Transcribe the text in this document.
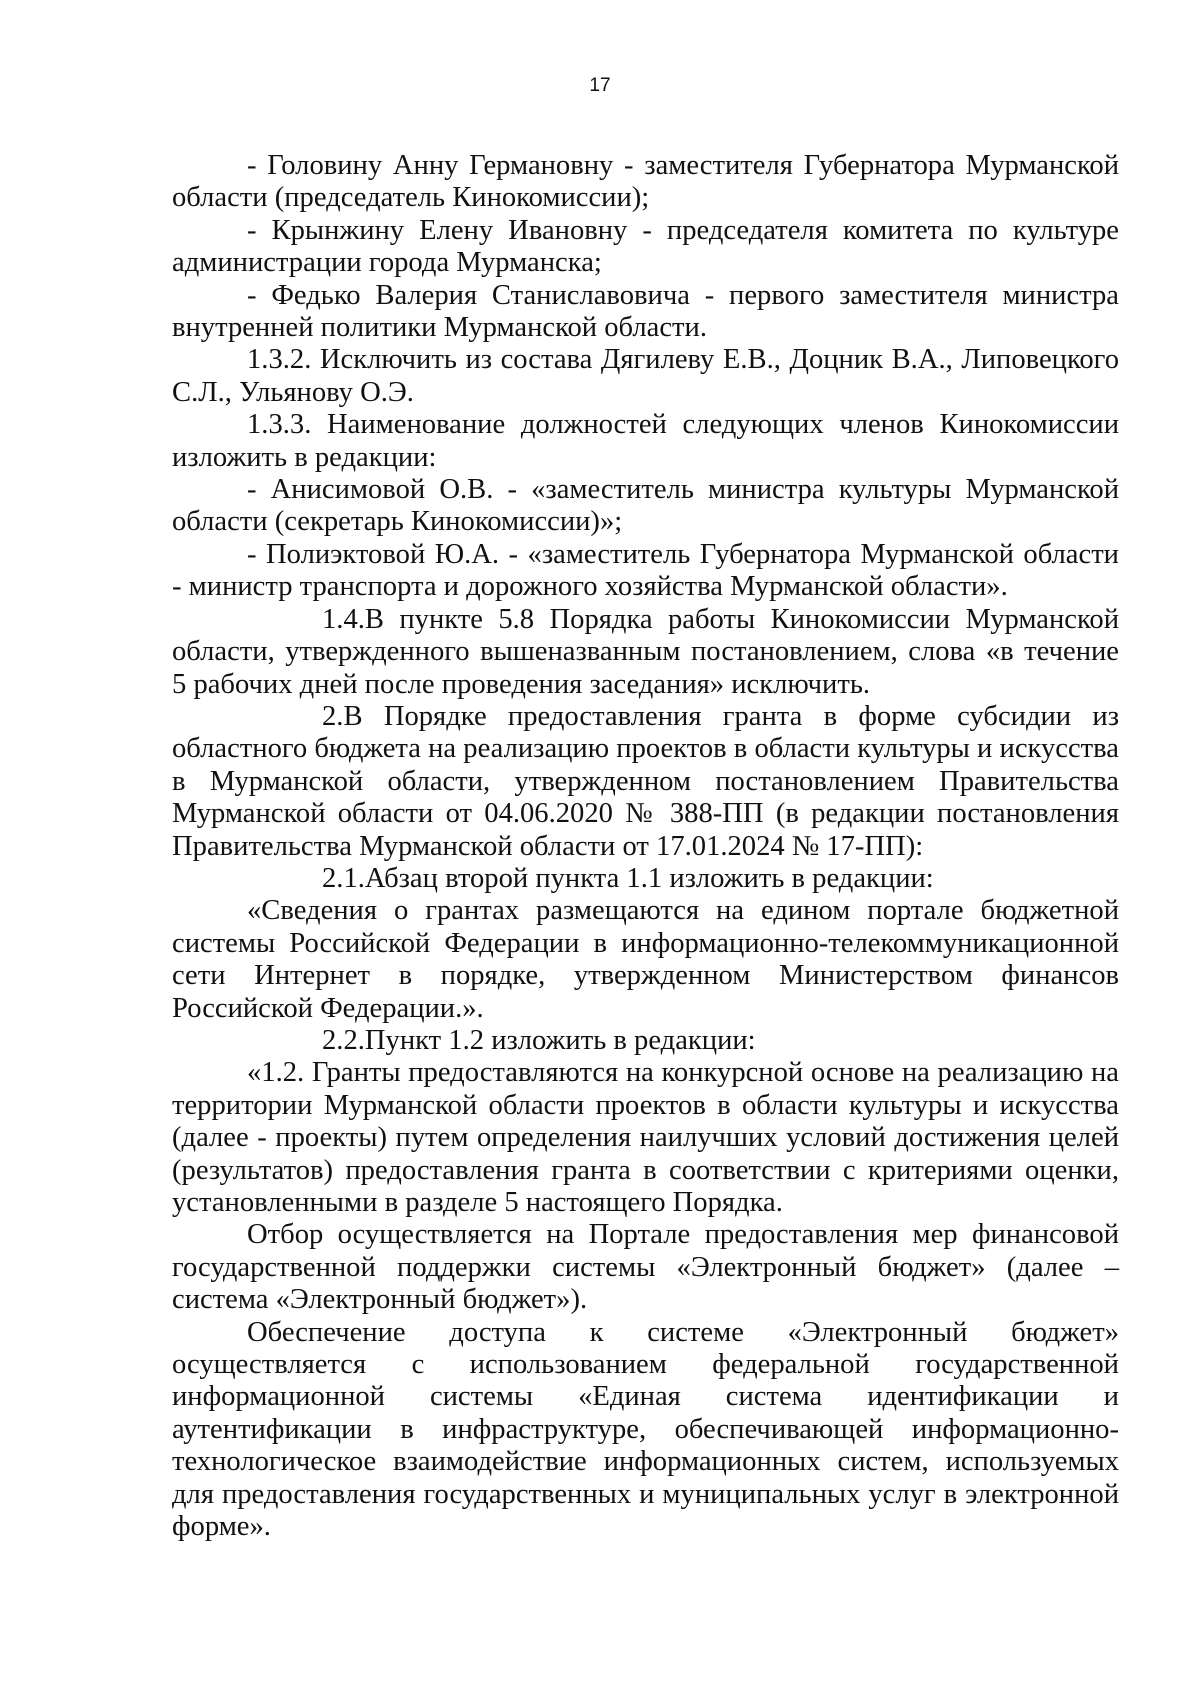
17

- Головину Анну Германовну - заместителя Губернатора Мурманской области (председатель Кинокомиссии);

- Крынжину Елену Ивановну - председателя комитета по культуре администрации города Мурманска;

- Федько Валерия Станиславовича - первого заместителя министра внутренней политики Мурманской области.

1.3.2. Исключить из состава Дягилеву Е.В., Доцник В.А., Липовецкого С.Л., Ульянову О.Э.

1.3.3. Наименование должностей следующих членов Кинокомиссии изложить в редакции:

- Анисимовой О.В. - «заместитель министра культуры Мурманской области (секретарь Кинокомиссии)»;

- Полиэктовой Ю.А. - «заместитель Губернатора Мурманской области - министр транспорта и дорожного хозяйства Мурманской области».

1.4.В пункте 5.8 Порядка работы Кинокомиссии Мурманской области, утвержденного вышеназванным постановлением, слова «в течение 5 рабочих дней после проведения заседания» исключить.

2.В Порядке предоставления гранта в форме субсидии из областного бюджета на реализацию проектов в области культуры и искусства в Мурманской области, утвержденном постановлением Правительства Мурманской области от 04.06.2020 № 388-ПП (в редакции постановления Правительства Мурманской области от 17.01.2024 № 17-ПП):

2.1.Абзац второй пункта 1.1 изложить в редакции:

«Сведения о грантах размещаются на едином портале бюджетной системы Российской Федерации в информационно-телекоммуникационной сети Интернет в порядке, утвержденном Министерством финансов Российской Федерации.».

2.2.Пункт 1.2 изложить в редакции:

«1.2. Гранты предоставляются на конкурсной основе на реализацию на территории Мурманской области проектов в области культуры и искусства (далее - проекты) путем определения наилучших условий достижения целей (результатов) предоставления гранта в соответствии с критериями оценки, установленными в разделе 5 настоящего Порядка.

Отбор осуществляется на Портале предоставления мер финансовой государственной поддержки системы «Электронный бюджет» (далее – система «Электронный бюджет»).

Обеспечение доступа к системе «Электронный бюджет» осуществляется с использованием федеральной государственной информационной системы «Единая система идентификации и аутентификации в инфраструктуре, обеспечивающей информационно-технологическое взаимодействие информационных систем, используемых для предоставления государственных и муниципальных услуг в электронной форме».
